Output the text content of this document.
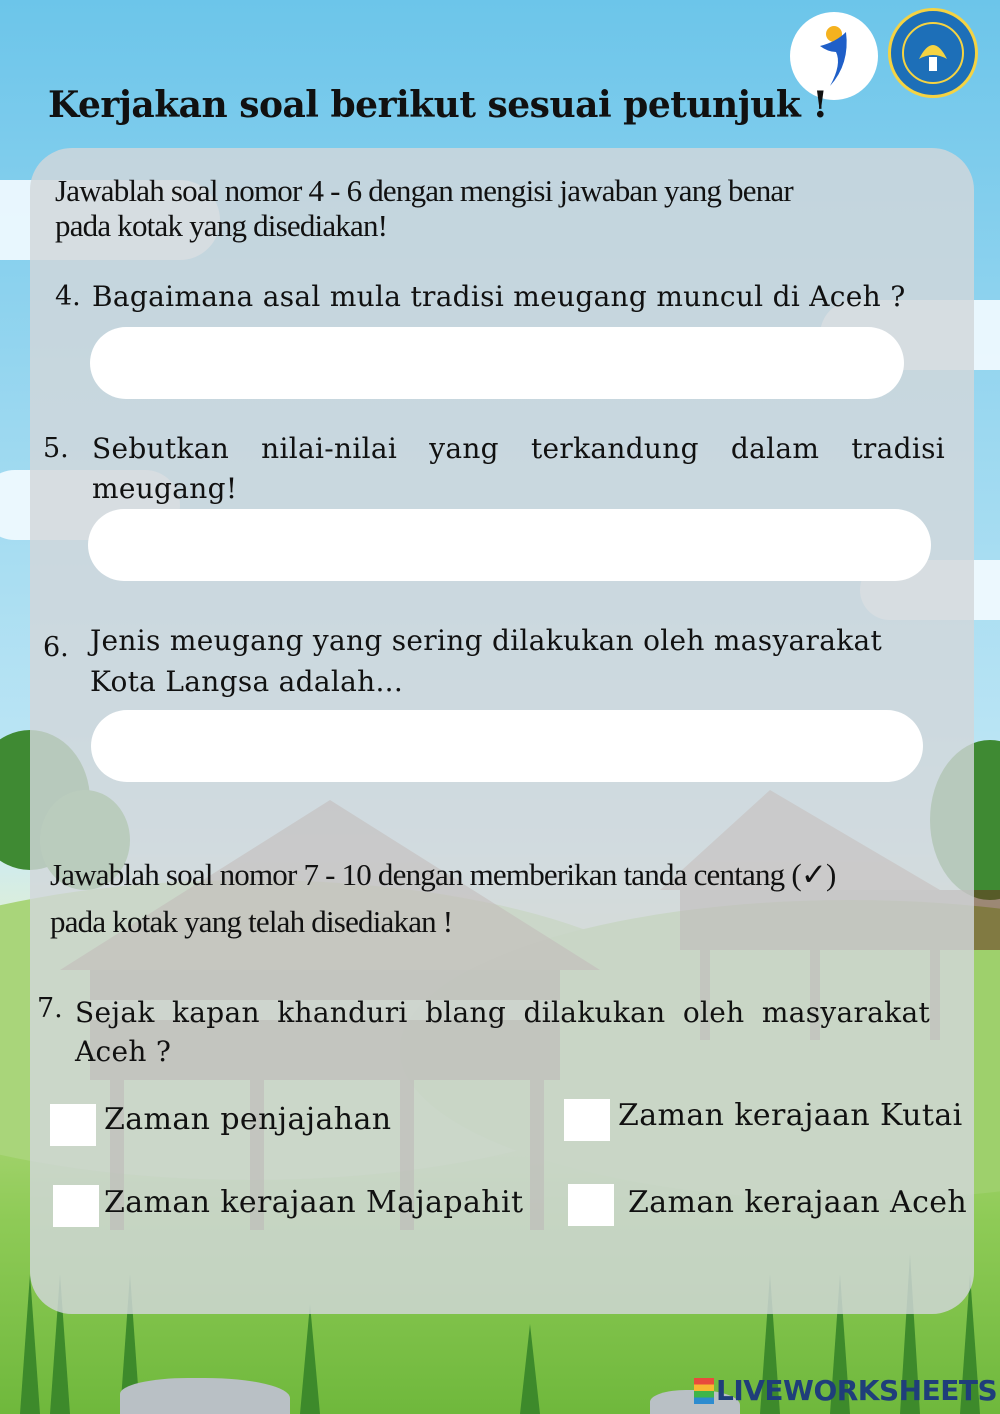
Kerjakan soal berikut sesuai petunjuk !
Jawablah soal nomor 4 - 6 dengan mengisi jawaban yang benar
pada kotak yang disediakan!
4. Bagaimana asal mula tradisi meugang muncul di Aceh ?
5. Sebutkan nilai-nilai yang terkandung dalam tradisi
meugang!
6. Jenis meugang yang sering dilakukan oleh masyarakat
Kota Langsa adalah...
Jawablah soal nomor 7 - 10 dengan memberikan tanda centang (✓)
pada kotak yang telah disediakan !
7. Sejak kapan khanduri blang dilakukan oleh masyarakat
Aceh ?
Zaman penjajahan	Zaman kerajaan Kutai
Zaman kerajaan Majapahit	Zaman kerajaan Aceh
LIVEWORKSHEETS
